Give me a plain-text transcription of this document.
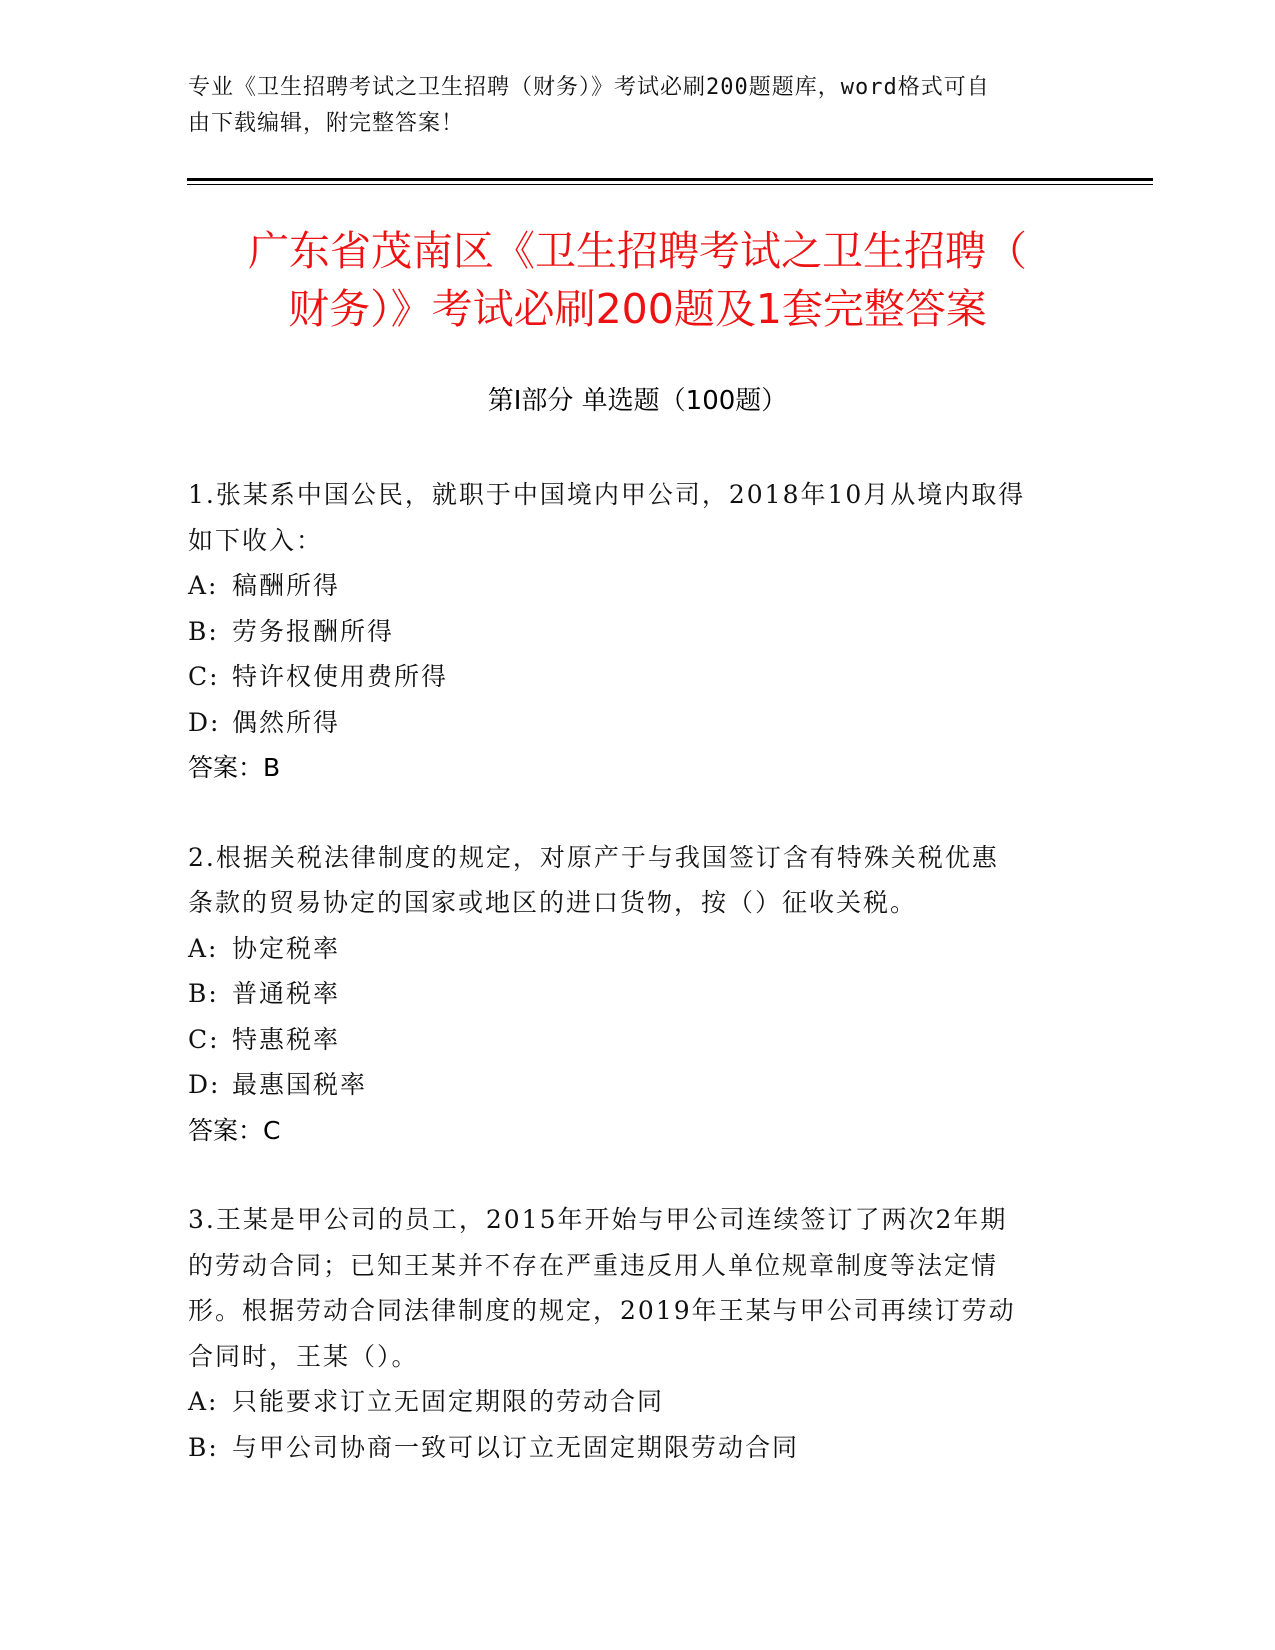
专业《卫生招聘考试之卫生招聘（财务）》考试必刷200题题库，word格式可自
由下载编辑，附完整答案！
广东省茂南区《卫生招聘考试之卫生招聘（
财务）》考试必刷200题及1套完整答案
第Ⅰ部分 单选题（100题）
1.张某系中国公民，就职于中国境内甲公司，2018年10月从境内取得
如下收入：
A: 稿酬所得
B: 劳务报酬所得
C: 特许权使用费所得
D: 偶然所得
答案：B
2.根据关税法律制度的规定，对原产于与我国签订含有特殊关税优惠
条款的贸易协定的国家或地区的进口货物，按（）征收关税。
A: 协定税率
B: 普通税率
C: 特惠税率
D: 最惠国税率
答案：C
3.王某是甲公司的员工，2015年开始与甲公司连续签订了两次2年期
的劳动合同；已知王某并不存在严重违反用人单位规章制度等法定情
形。根据劳动合同法律制度的规定，2019年王某与甲公司再续订劳动
合同时，王某（）。
A: 只能要求订立无固定期限的劳动合同
B: 与甲公司协商一致可以订立无固定期限劳动合同
